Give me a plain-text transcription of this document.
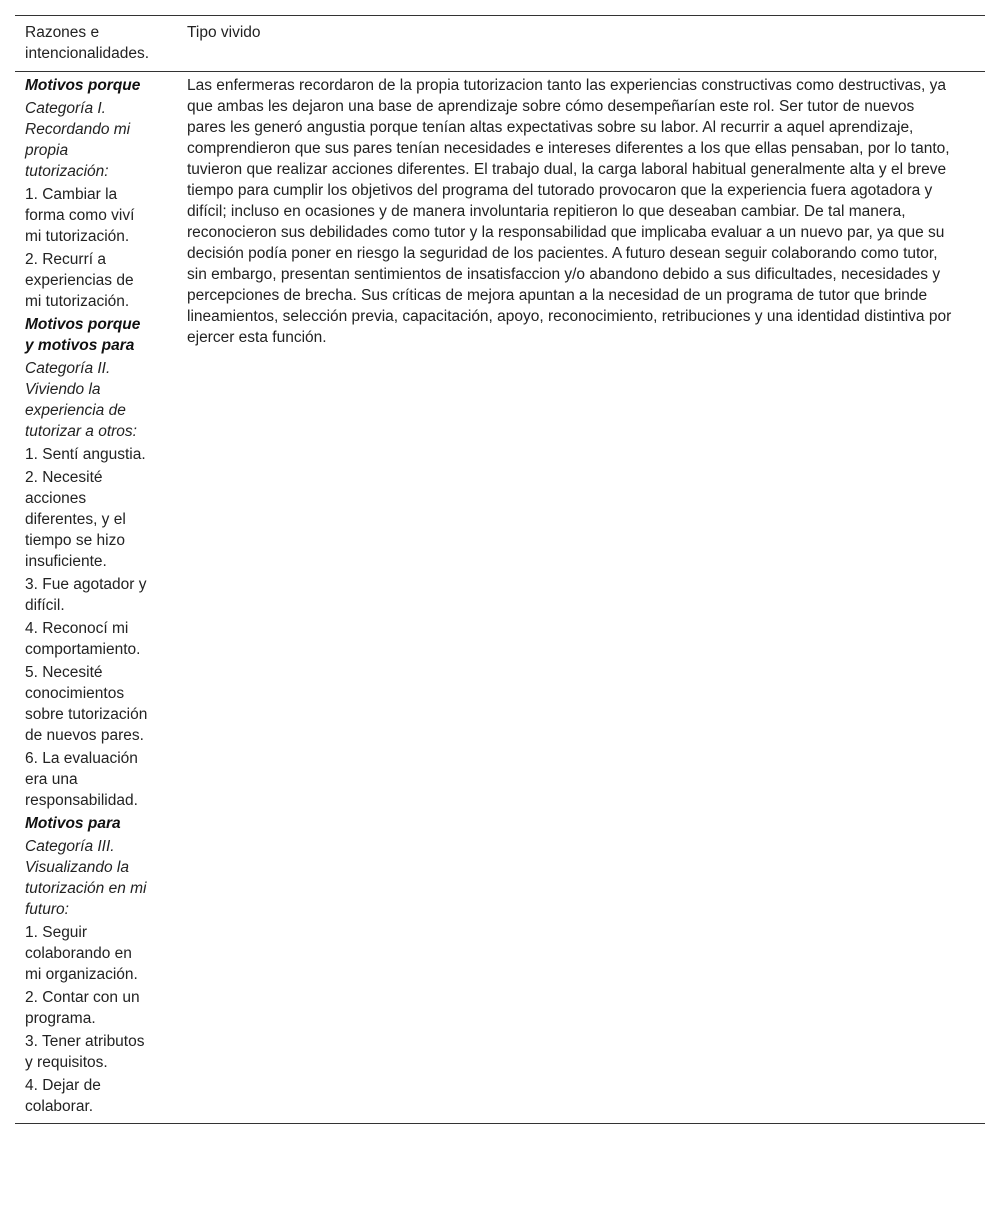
Razones e intencionalidades.
Tipo vivido
Motivos porque
Categoría I. Recordando mi propia tutorización:
1. Cambiar la forma como viví mi tutorización.
2. Recurrí a experiencias de mi tutorización.
Motivos porque y motivos para
Categoría II. Viviendo la experiencia de tutorizar a otros:
1. Sentí angustia.
2. Necesité acciones diferentes, y el tiempo se hizo insuficiente.
3. Fue agotador y difícil.
4. Reconocí mi comportamiento.
5. Necesité conocimientos sobre tutorización de nuevos pares.
6. La evaluación era una responsabilidad.
Motivos para
Categoría III. Visualizando la tutorización en mi futuro:
1. Seguir colaborando en mi organización.
2. Contar con un programa.
3. Tener atributos y requisitos.
4. Dejar de colaborar.

Las enfermeras recordaron de la propia tutorizacion tanto las experiencias constructivas como destructivas, ya que ambas les dejaron una base de aprendizaje sobre cómo desempeñarían este rol. Ser tutor de nuevos pares les generó angustia porque tenían altas expectativas sobre su labor. Al recurrir a aquel aprendizaje, comprendieron que sus pares tenían necesidades e intereses diferentes a los que ellas pensaban, por lo tanto, tuvieron que realizar acciones diferentes. El trabajo dual, la carga laboral habitual generalmente alta y el breve tiempo para cumplir los objetivos del programa del tutorado provocaron que la experiencia fuera agotadora y difícil; incluso en ocasiones y de manera involuntaria repitieron lo que deseaban cambiar. De tal manera, reconocieron sus debilidades como tutor y la responsabilidad que implicaba evaluar a un nuevo par, ya que su decisión podía poner en riesgo la seguridad de los pacientes. A futuro desean seguir colaborando como tutor, sin embargo, presentan sentimientos de insatisfaccion y/o abandono debido a sus dificultades, necesidades y percepciones de brecha. Sus críticas de mejora apuntan a la necesidad de un programa de tutor que brinde lineamientos, selección previa, capacitación, apoyo, reconocimiento, retribuciones y una identidad distintiva por ejercer esta función.
